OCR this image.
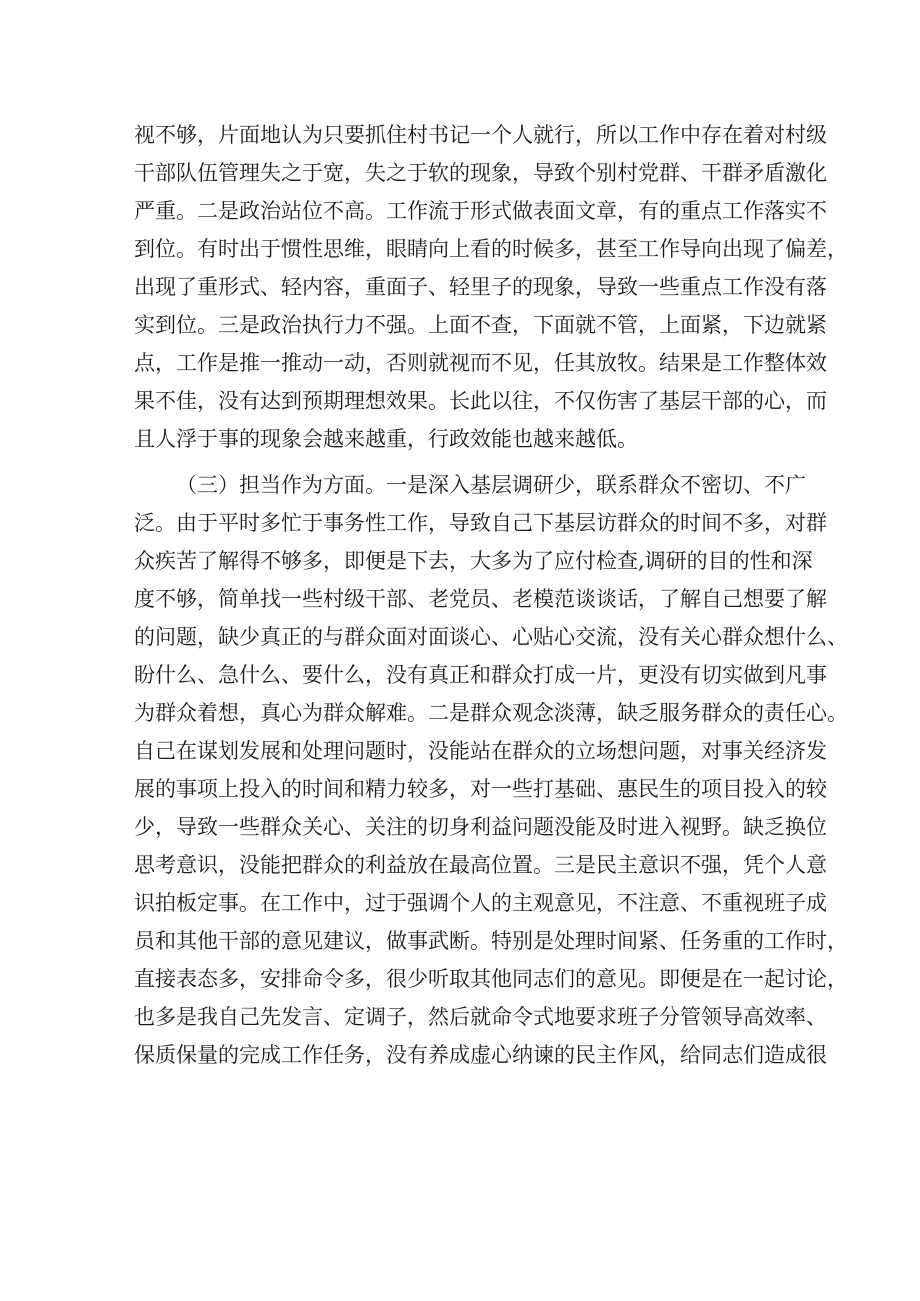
视不够，片面地认为只要抓住村书记一个人就行，所以工作中存在着对村级
干部队伍管理失之于宽，失之于软的现象，导致个别村党群、干群矛盾激化
严重。二是政治站位不高。工作流于形式做表面文章，有的重点工作落实不
到位。有时出于惯性思维，眼睛向上看的时候多，甚至工作导向出现了偏差，
出现了重形式、轻内容，重面子、轻里子的现象，导致一些重点工作没有落
实到位。三是政治执行力不强。上面不查，下面就不管，上面紧，下边就紧
点，工作是推一推动一动，否则就视而不见，任其放牧。结果是工作整体效
果不佳，没有达到预期理想效果。长此以往，不仅伤害了基层干部的心，而
且人浮于事的现象会越来越重，行政效能也越来越低。
（三）担当作为方面。一是深入基层调研少，联系群众不密切、不广
泛。由于平时多忙于事务性工作，导致自己下基层访群众的时间不多，对群
众疾苦了解得不够多，即便是下去，大多为了应付检查,调研的目的性和深
度不够，简单找一些村级干部、老党员、老模范谈谈话，了解自己想要了解
的问题，缺少真正的与群众面对面谈心、心贴心交流，没有关心群众想什么、
盼什么、急什么、要什么，没有真正和群众打成一片，更没有切实做到凡事
为群众着想，真心为群众解难。二是群众观念淡薄，缺乏服务群众的责任心。
自己在谋划发展和处理问题时，没能站在群众的立场想问题，对事关经济发
展的事项上投入的时间和精力较多，对一些打基础、惠民生的项目投入的较
少，导致一些群众关心、关注的切身利益问题没能及时进入视野。缺乏换位
思考意识，没能把群众的利益放在最高位置。三是民主意识不强，凭个人意
识拍板定事。在工作中，过于强调个人的主观意见，不注意、不重视班子成
员和其他干部的意见建议，做事武断。特别是处理时间紧、任务重的工作时，
直接表态多，安排命令多，很少听取其他同志们的意见。即便是在一起讨论，
也多是我自己先发言、定调子，然后就命令式地要求班子分管领导高效率、
保质保量的完成工作任务，没有养成虚心纳谏的民主作风，给同志们造成很
